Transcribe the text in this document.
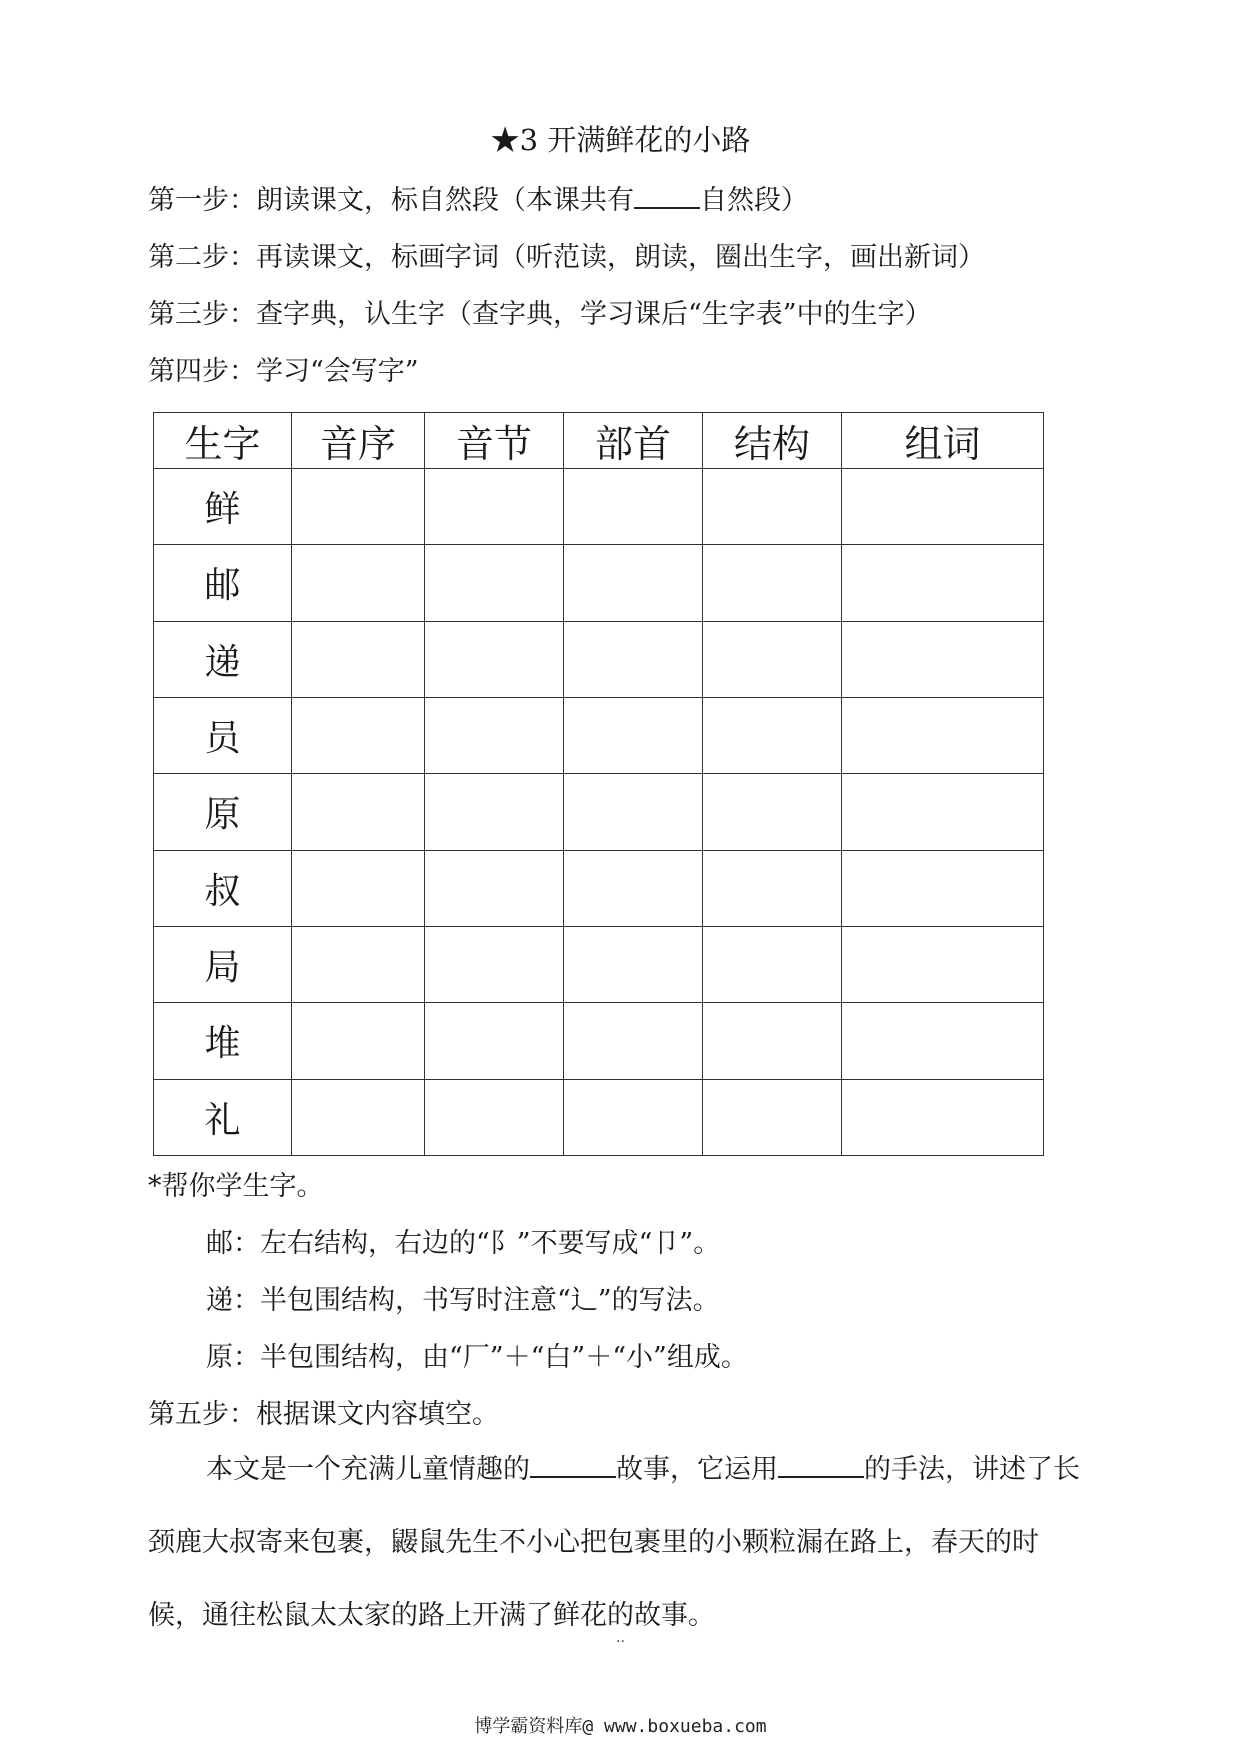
★3 开满鲜花的小路
第一步：朗读课文，标自然段（本课共有 自然段）
第二步：再读课文，标画字词（听范读，朗读，圈出生字，画出新词）
第三步：查字典，认生字（查字典，学习课后“生字表”中的生字）
第四步：学习“会写字”
生字	音序	音节	部首	结构	组词
鲜					
邮					
递					
员					
原					
叔					
局					
堆					
礼					
*帮你学生字。
邮：左右结构，右边的“阝”不要写成“卩”。
递：半包围结构，书写时注意“辶”的写法。
原：半包围结构，由“厂”＋“白”＋“小”组成。
第五步：根据课文内容填空。
本文是一个充满儿童情趣的	故事，它运用	的手法，讲述了长颈鹿大叔寄来包裹，鼹鼠先生不小心把包裹里的小颗粒漏在路上，春天的时候，通往松鼠太太家的路上开满了鲜花的故事。
..
博学霸资料库@ www.boxueba.com
